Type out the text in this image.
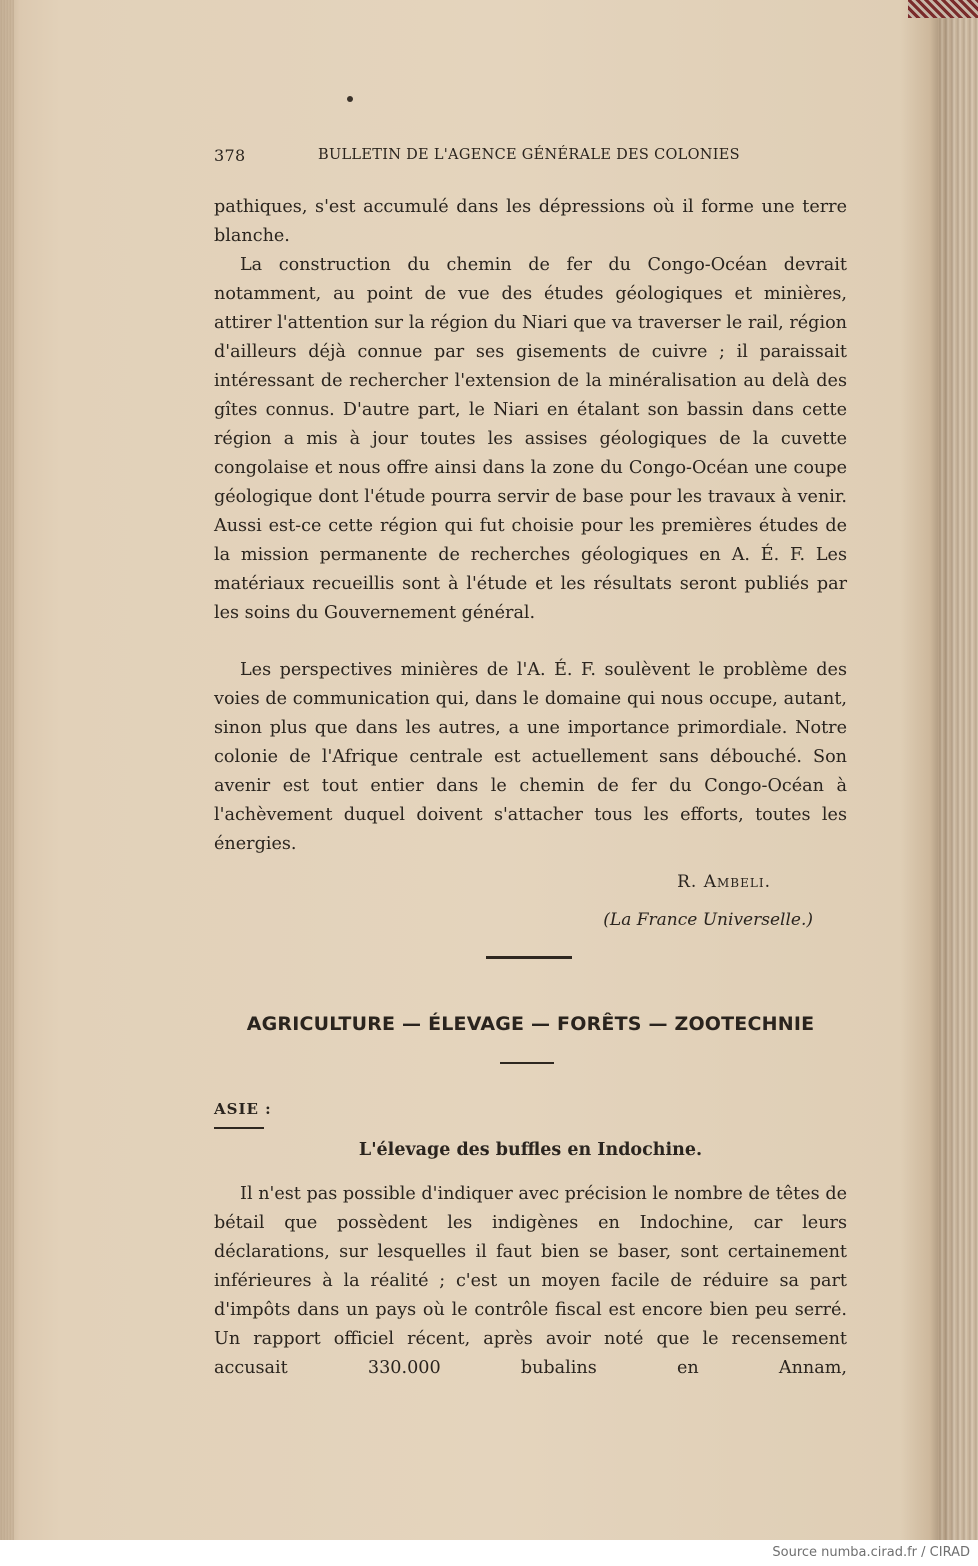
378	BULLETIN DE L'AGENCE GÉNÉRALE DES COLONIES

pathiques, s'est accumulé dans les dépressions où il forme une terre blanche.

La construction du chemin de fer du Congo-Océan devrait notamment, au point de vue des études géologiques et minières, attirer l'attention sur la région du Niari que va traverser le rail, région d'ailleurs déjà connue par ses gisements de cuivre ; il paraissait intéressant de rechercher l'extension de la minéralisation au delà des gîtes connus. D'autre part, le Niari en étalant son bassin dans cette région a mis à jour toutes les assises géologiques de la cuvette congolaise et nous offre ainsi dans la zone du Congo-Océan une coupe géologique dont l'étude pourra servir de base pour les travaux à venir. Aussi est-ce cette région qui fut choisie pour les premières études de la mission permanente de recherches géologiques en A. É. F. Les matériaux recueillis sont à l'étude et les résultats seront publiés par les soins du Gouvernement général.

Les perspectives minières de l'A. É. F. soulèvent le problème des voies de communication qui, dans le domaine qui nous occupe, autant, sinon plus que dans les autres, a une importance primordiale. Notre colonie de l'Afrique centrale est actuellement sans débouché. Son avenir est tout entier dans le chemin de fer du Congo-Océan à l'achèvement duquel doivent s'attacher tous les efforts, toutes les énergies.

R. Ambeli.
(La France Universelle.)
AGRICULTURE — ÉLEVAGE — FORÊTS — ZOOTECHNIE
ASIE :
L'élevage des buffles en Indochine.

Il n'est pas possible d'indiquer avec précision le nombre de têtes de bétail que possèdent les indigènes en Indochine, car leurs déclarations, sur lesquelles il faut bien se baser, sont certainement inférieures à la réalité ; c'est un moyen facile de réduire sa part d'impôts dans un pays où le contrôle fiscal est encore bien peu serré. Un rapport officiel récent, après avoir noté que le recensement accusait 330.000 bubalins en Annam,

Source numba.cirad.fr / CIRAD
